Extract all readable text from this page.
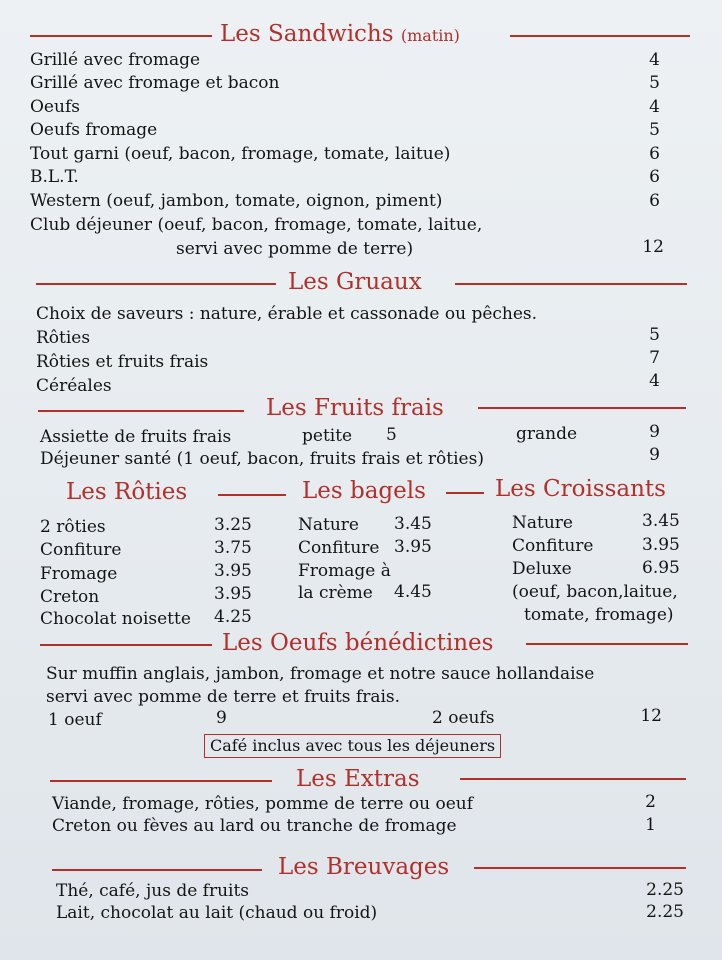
Les Sandwichs (matin)
Grillé avec fromage	4
Grillé avec fromage et bacon	5
Oeufs	4
Oeufs fromage	5
Tout garni (oeuf, bacon, fromage, tomate, laitue)	6
B.L.T.	6
Western (oeuf, jambon, tomate, oignon, piment)	6
Club déjeuner (oeuf, bacon, fromage, tomate, laitue,
servi avec pomme de terre)	12
Les Gruaux
Choix de saveurs : nature, érable et cassonade ou pêches.
Rôties	5
Rôties et fruits frais	7
Céréales	4
Les Fruits frais
Assiette de fruits frais	petite 5	grande	9
Déjeuner santé (1 oeuf, bacon, fruits frais et rôties)	9
Les Rôties	Les bagels	Les Croissants
2 rôties	3.25
Confiture	3.75
Fromage	3.95
Creton	3.95
Chocolat noisette 4.25
Nature 3.45
Confiture 3.95
Fromage à
la crème 4.45
Nature	3.45
Confiture	3.95
Deluxe	6.95
(oeuf, bacon,laitue,
tomate, fromage)
Les Oeufs bénédictines
Sur muffin anglais, jambon, fromage et notre sauce hollandaise
servi avec pomme de terre et fruits frais.
1 oeuf	9	2 oeufs	12
Café inclus avec tous les déjeuners
Les Extras
Viande, fromage, rôties, pomme de terre ou oeuf	2
Creton ou fèves au lard ou tranche de fromage	1
Les Breuvages
Thé, café, jus de fruits	2.25
Lait, chocolat au lait (chaud ou froid)	2.25
